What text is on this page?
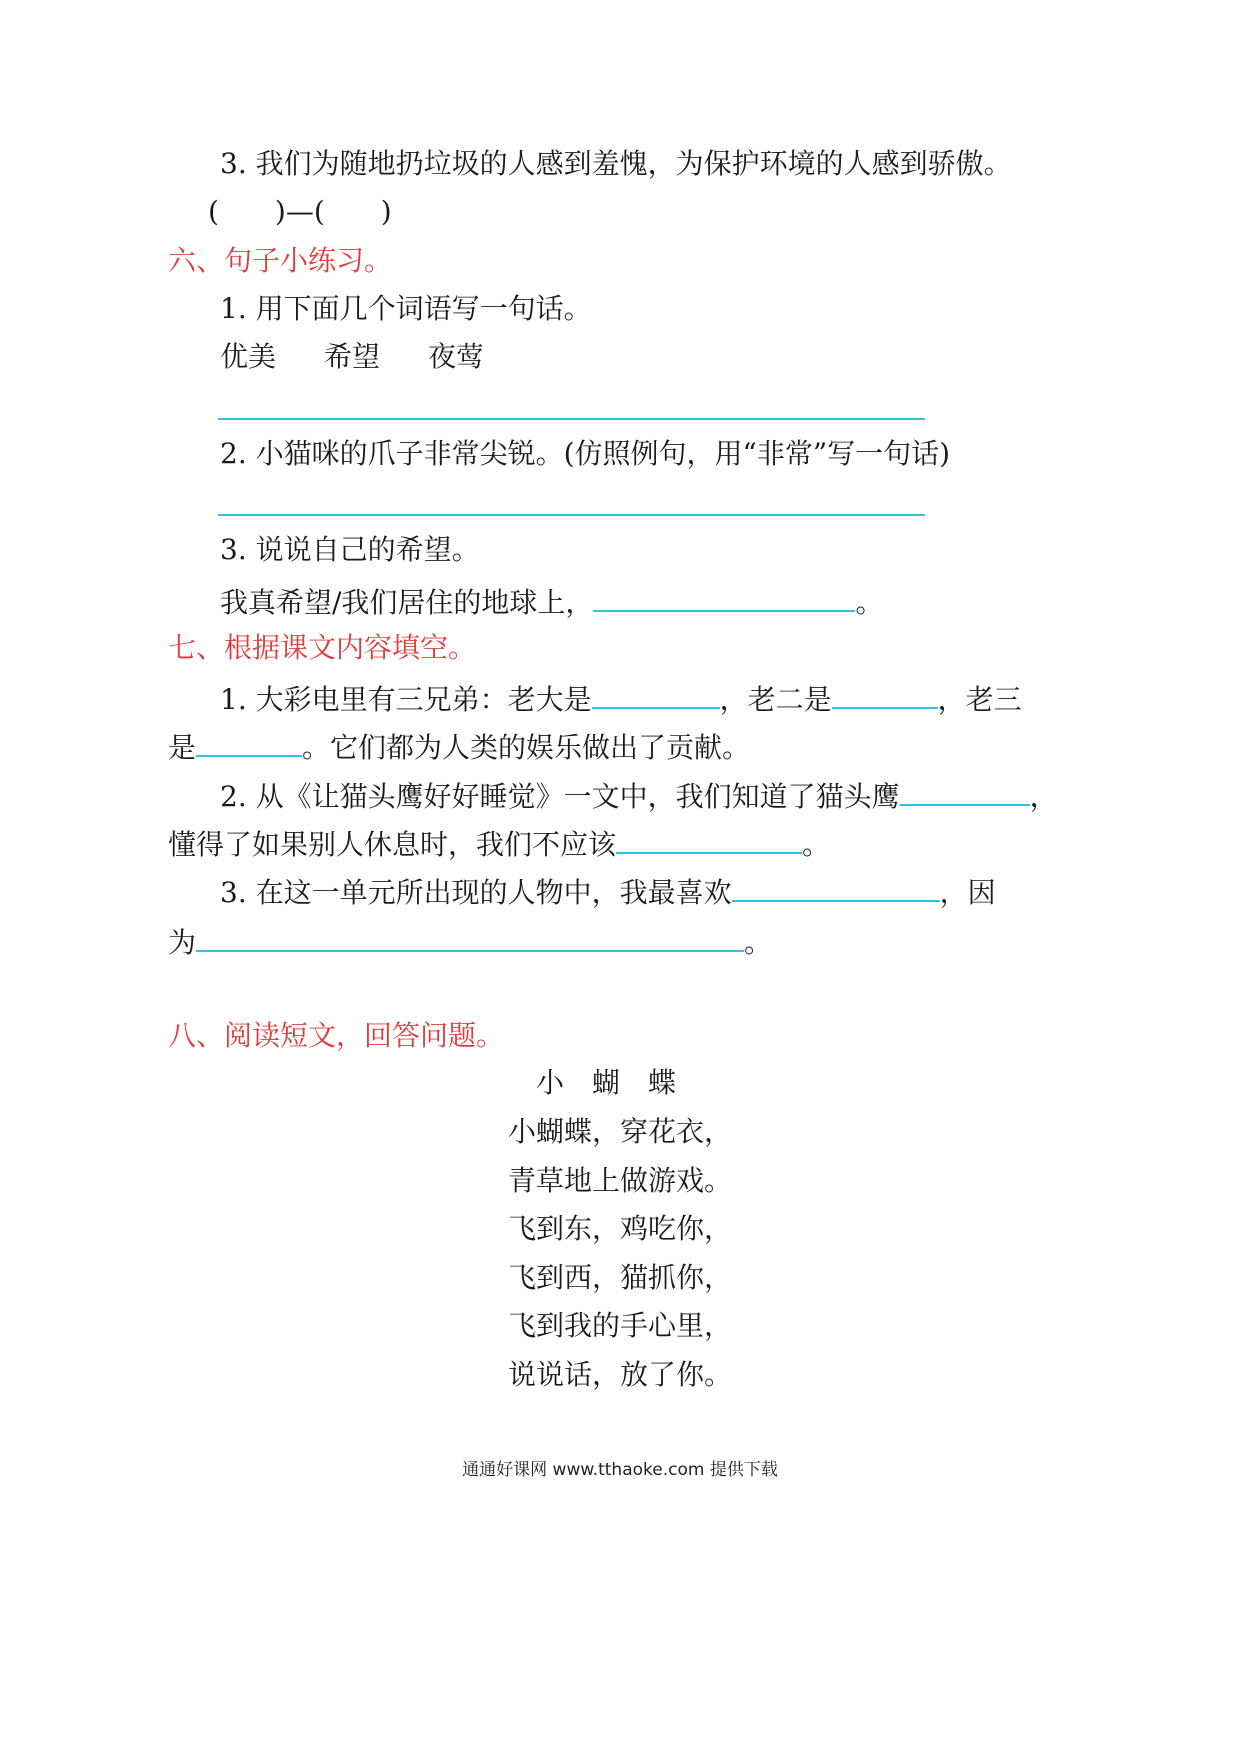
3. 我们为随地扔垃圾的人感到羞愧，为保护环境的人感到骄傲。
(　　)—(　　)
六、句子小练习。
1. 用下面几个词语写一句话。
优美 希望 夜莺
2. 小猫咪的爪子非常尖锐。(仿照例句，用“非常”写一句话)
3. 说说自己的希望。
我真希望/我们居住的地球上，	。
七、根据课文内容填空。
1. 大彩电里有三兄弟：老大是	，老二是	，老三
是	。它们都为人类的娱乐做出了贡献。
2. 从《让猫头鹰好好睡觉》一文中，我们知道了猫头鹰	，
懂得了如果别人休息时，我们不应该	。
3. 在这一单元所出现的人物中，我最喜欢	，因
为	。
八、阅读短文，回答问题。
小蝴蝶
小蝴蝶，穿花衣，
青草地上做游戏。
飞到东，鸡吃你，
飞到西，猫抓你，
飞到我的手心里，
说说话，放了你。
通通好课网 www.tthaoke.com 提供下载
